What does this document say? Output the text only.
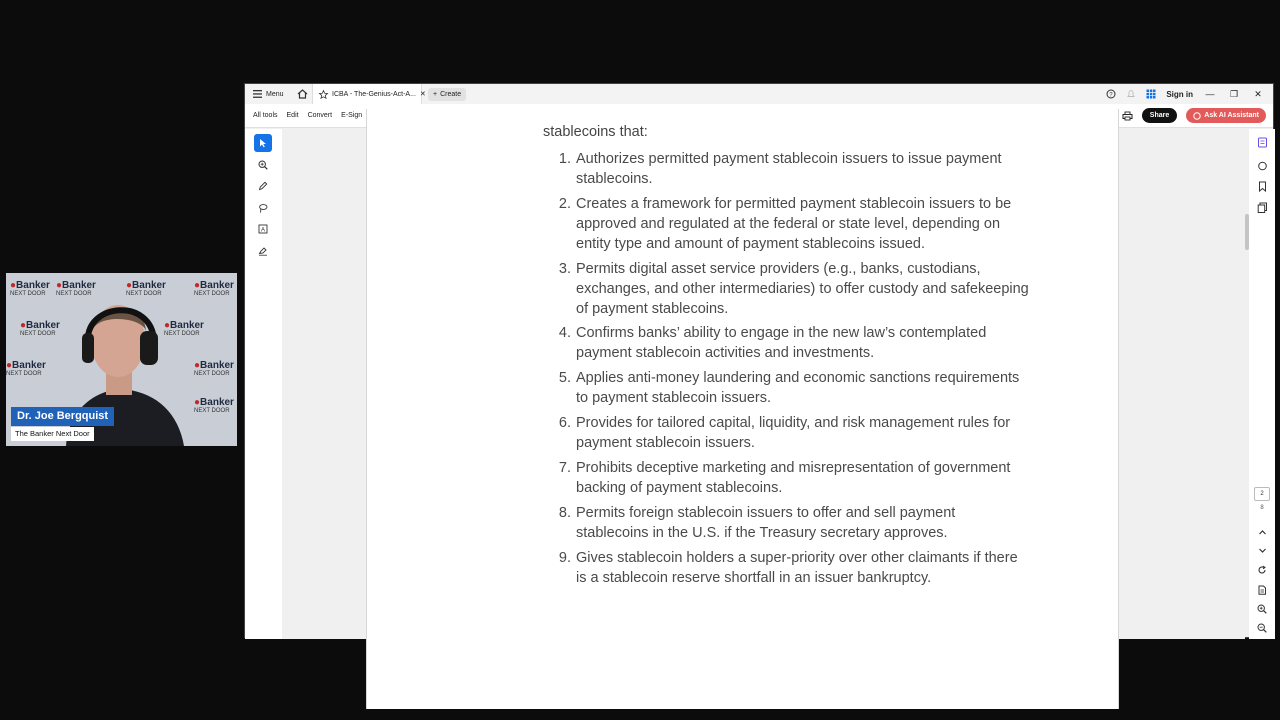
●Banker
NEXT DOOR
●Banker
NEXT DOOR
●Banker
NEXT DOOR
●Banker
NEXT DOOR
●Banker
NEXT DOOR
●Banker
NEXT DOOR
●Banker
NEXT DOOR
●Banker
NEXT DOOR
●Banker
NEXT DOOR
Dr. Joe Bergquist
The Banker Next Door
Menu	ICBA - The-Genius-Act-A... ✕ + Create	?	Sign in —	❐	✕
All tools Edit Convert E-Sign	Share	Ask AI Assistant
A
stablecoins that:
1. Authorizes permitted payment stablecoin issuers to issue payment
stablecoins.
2. Creates a framework for permitted payment stablecoin issuers to be
approved and regulated at the federal or state level, depending on
entity type and amount of payment stablecoins issued.
3. Permits digital asset service providers (e.g., banks, custodians,
exchanges, and other intermediaries) to offer custody and safekeeping
of payment stablecoins.
4. Confirms banks’ ability to engage in the new law’s contemplated
payment stablecoin activities and investments.
5. Applies anti-money laundering and economic sanctions requirements
to payment stablecoin issuers.
6. Provides for tailored capital, liquidity, and risk management rules for
payment stablecoin issuers.
7. Prohibits deceptive marketing and misrepresentation of government
backing of payment stablecoins.
8. Permits foreign stablecoin issuers to offer and sell payment
stablecoins in the U.S. if the Treasury secretary approves.
9. Gives stablecoin holders a super-priority over other claimants if there
is a stablecoin reserve shortfall in an issuer bankruptcy.
2
8
